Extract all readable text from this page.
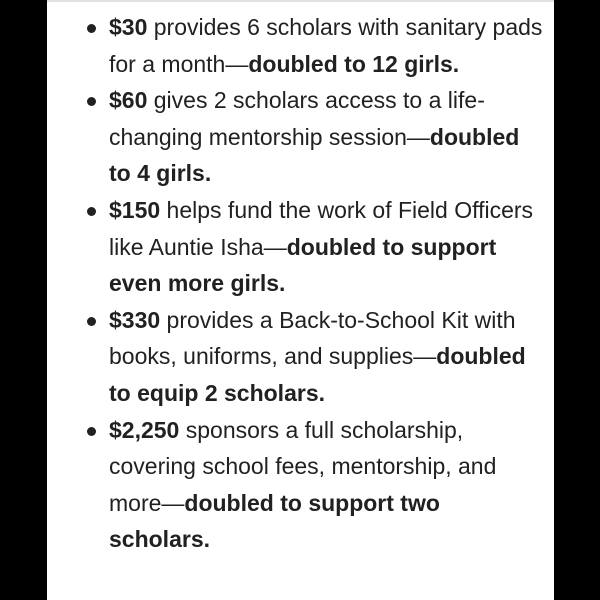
$30 provides 6 scholars with sanitary pads for a month—doubled to 12 girls.
$60 gives 2 scholars access to a life-changing mentorship session—doubled to 4 girls.
$150 helps fund the work of Field Officers like Auntie Isha—doubled to support even more girls.
$330 provides a Back-to-School Kit with books, uniforms, and supplies—doubled to equip 2 scholars.
$2,250 sponsors a full scholarship, covering school fees, mentorship, and more—doubled to support two scholars.
